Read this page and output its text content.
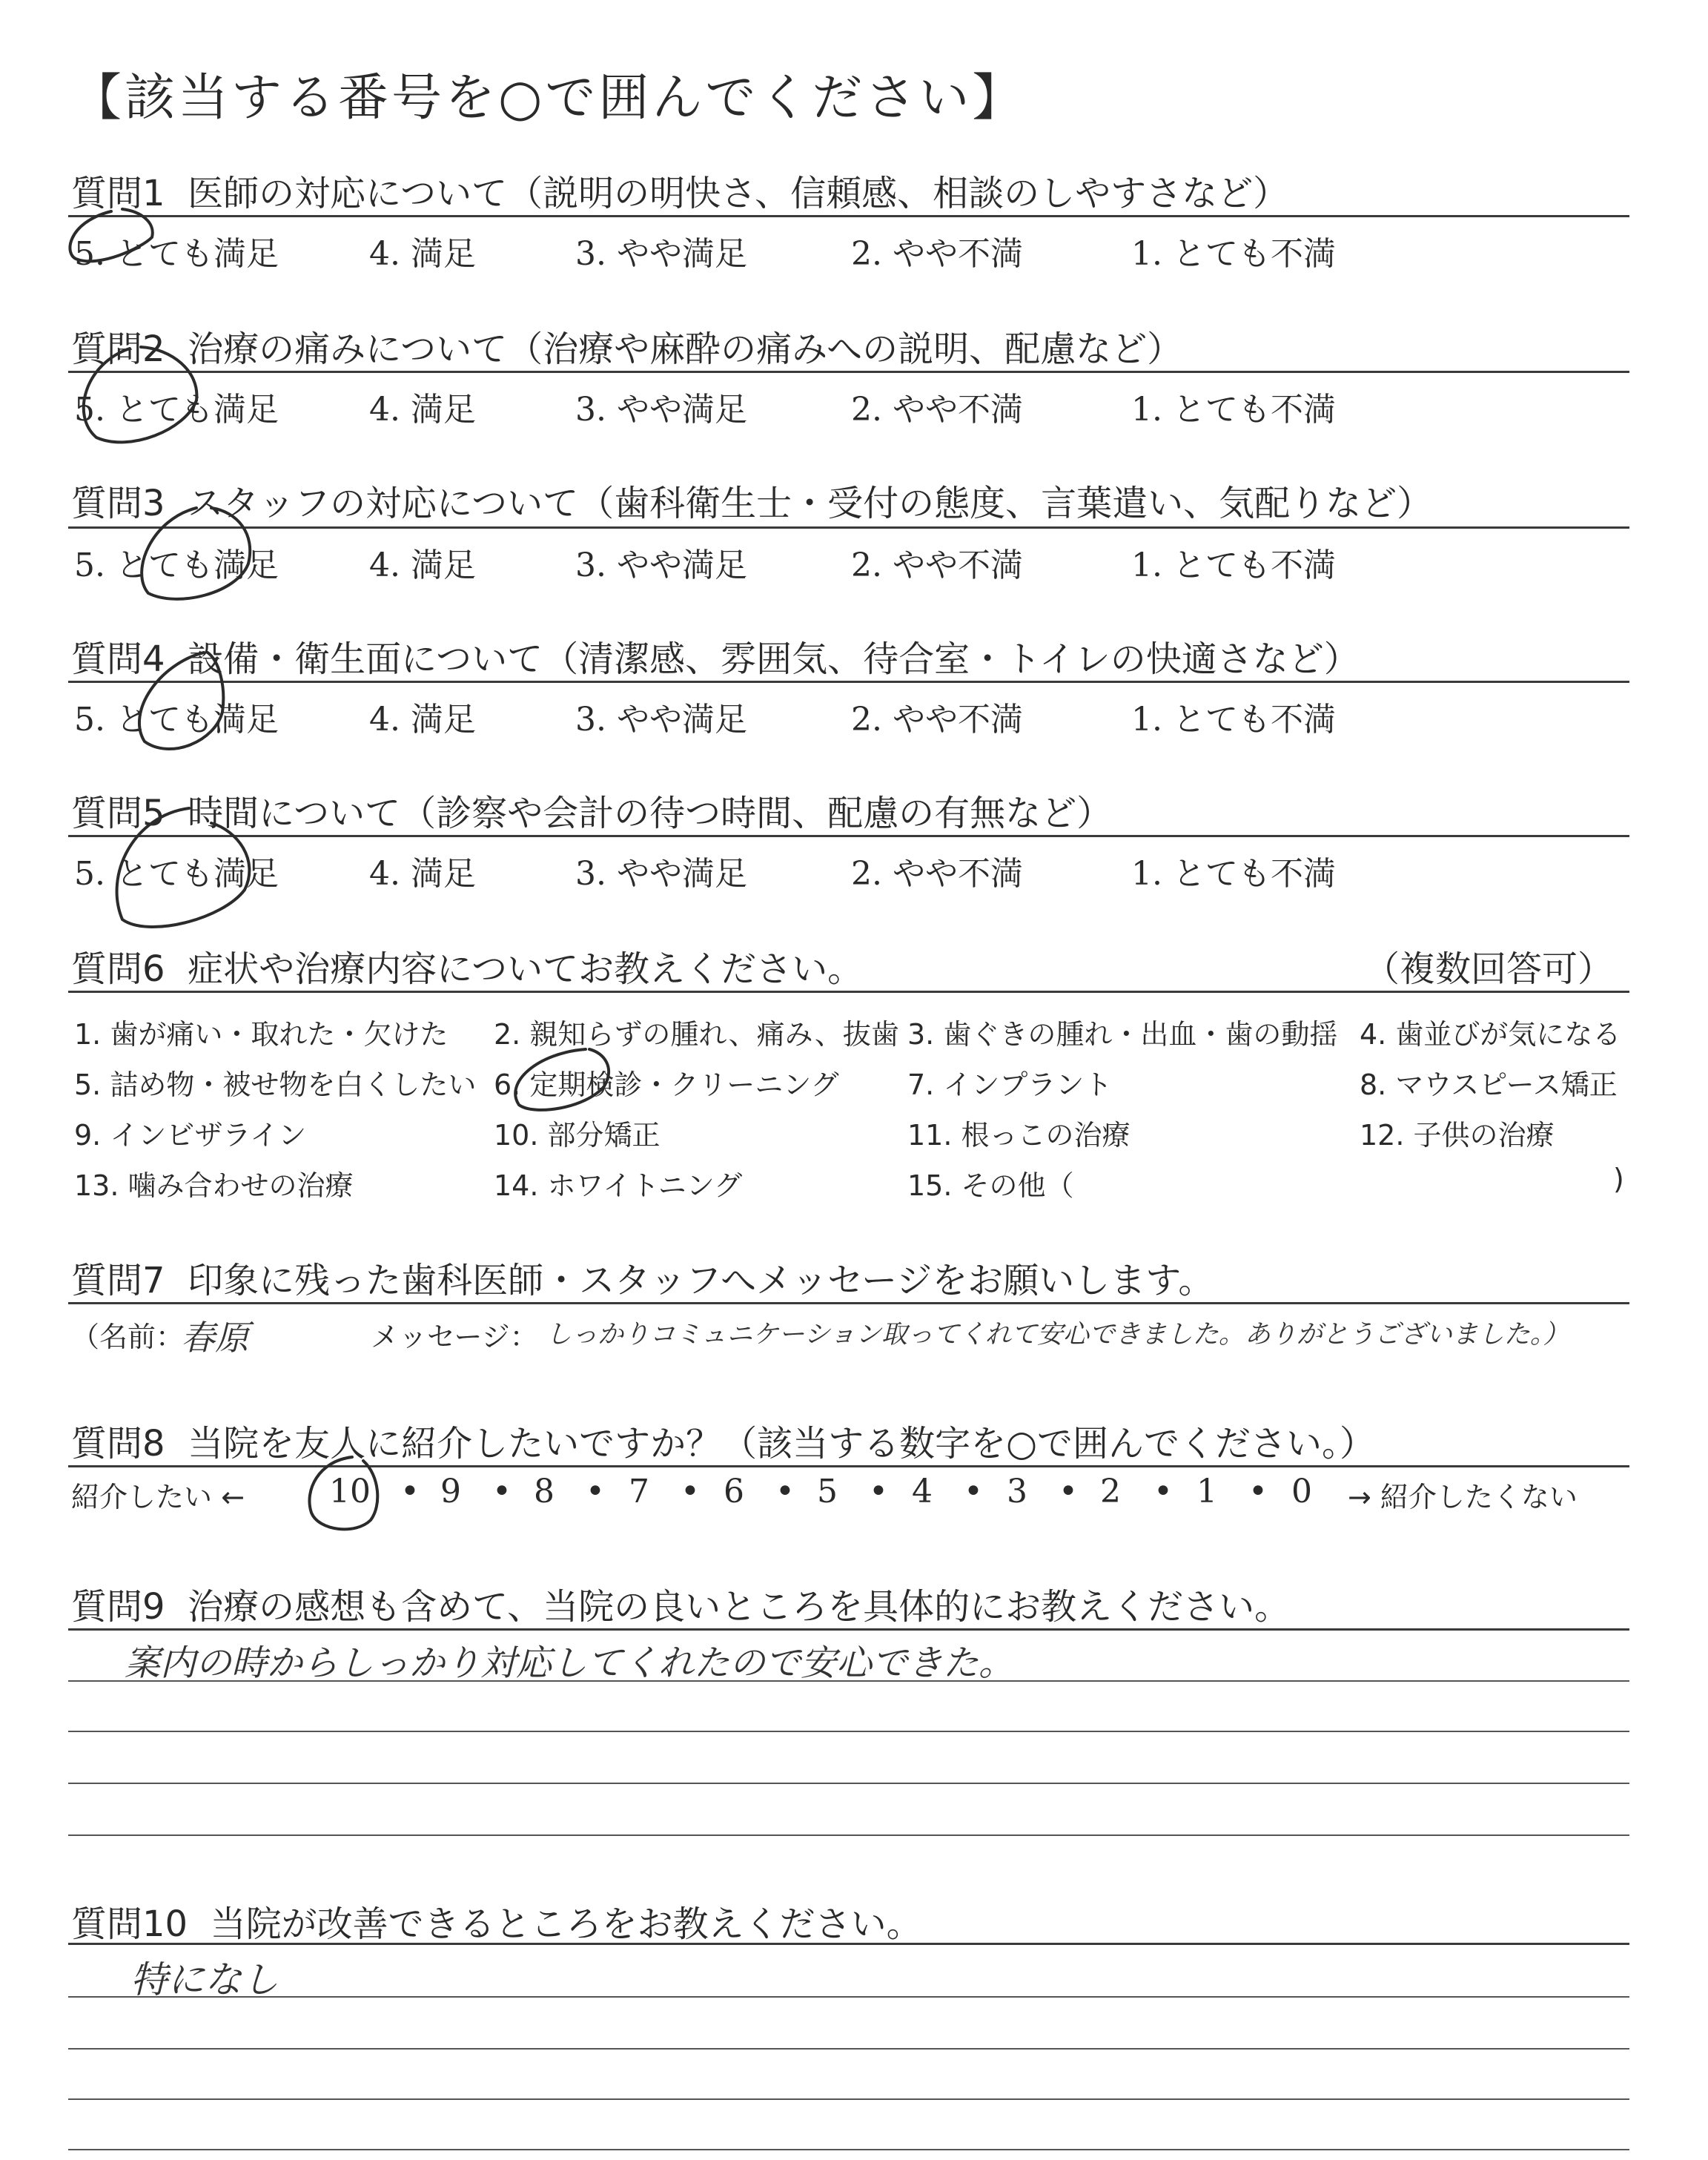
【該当する番号を○で囲んでください】
質問1 医師の対応について（説明の明快さ、信頼感、相談のしやすさなど）
5. とても満足	4. 満足	3. やや満足	2. やや不満	1. とても不満
質問2 治療の痛みについて（治療や麻酔の痛みへの説明、配慮など）
5. とても満足	4. 満足	3. やや満足	2. やや不満	1. とても不満
質問3 スタッフの対応について（歯科衛生士・受付の態度、言葉遣い、気配りなど）
5. とても満足	4. 満足	3. やや満足	2. やや不満	1. とても不満
質問4 設備・衛生面について（清潔感、雰囲気、待合室・トイレの快適さなど）
5. とても満足	4. 満足	3. やや満足	2. やや不満	1. とても不満
質問5 時間について（診察や会計の待つ時間、配慮の有無など）
5. とても満足	4. 満足	3. やや満足	2. やや不満	1. とても不満
質問6 症状や治療内容についてお教えください。	（複数回答可）
1. 歯が痛い・取れた・欠けた 2. 親知らずの腫れ、痛み、抜歯 3. 歯ぐきの腫れ・出血・歯の動揺 4. 歯並びが気になる
5. 詰め物・被せ物を白くしたい 6. 定期検診・クリーニング 7. インプラント	8. マウスピース矯正
9. インビザライン	10. 部分矯正	11. 根っこの治療	12. 子供の治療
13. 噛み合わせの治療	14. ホワイトニング	15. その他（	)
質問7 印象に残った歯科医師・スタッフへメッセージをお願いします。
（名前：
春原	メッセージ： しっかりコミュニケーション取ってくれて安心できました。ありがとうございました。）
質問8 当院を友人に紹介したいですか？（該当する数字を○で囲んでください。）
紹介したい ←	10 9 8 7 6 5 4 3 2 1 0
• • • • • • • • • •	→ 紹介したくない
質問9 治療の感想も含めて、当院の良いところを具体的にお教えください。
案内の時からしっかり対応してくれたので安心できた。
質問10 当院が改善できるところをお教えください。
特になし
